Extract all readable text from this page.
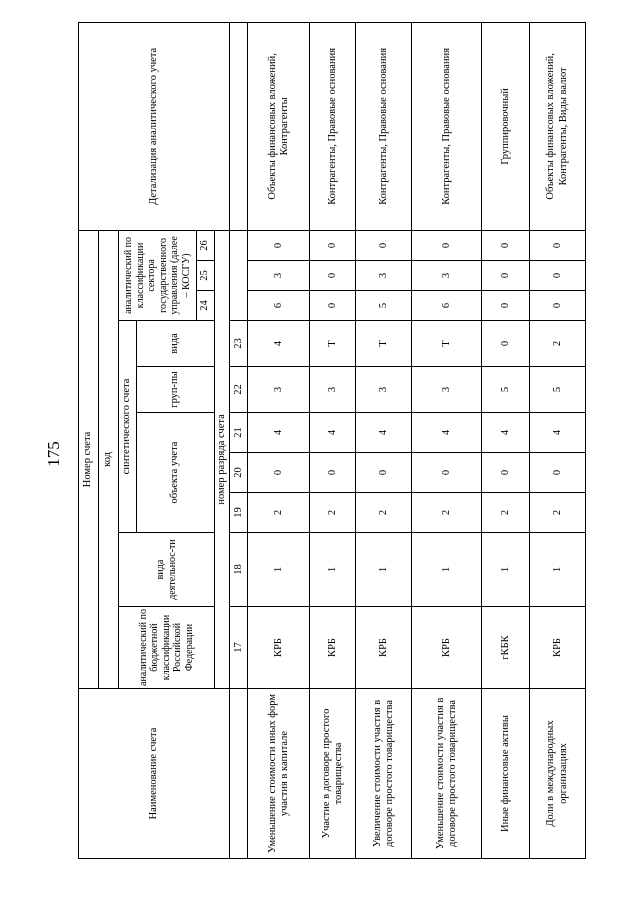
175
Наименование счета	Номер счета										Детализация аналитического учета
	код										
	аналитический по бюджетной классификации Российской Федерации	вида деятельнос-ти	синтетического счета					аналитический по классификации сектора государственного управления (далее – КОСГУ)			
			объекта учета			груп-пы	вида				
								24	25	26	
	номер разряда счета										
	17	18	19	20	21	22	23				
Уменьшение стоимости иных форм участия в капитале	КРБ	1	2	0	4	3	4	6	3	0	Объекты финансовых вложений, Контрагенты
Участие в договоре простого товарищества	КРБ	1	2	0	4	3	Т	0	0	0	Контрагенты, Правовые основания
Увеличение стоимости участия в договоре простого товарищества	КРБ	1	2	0	4	3	Т	5	3	0	Контрагенты, Правовые основания
Уменьшение стоимости участия в договоре простого товарищества	КРБ	1	2	0	4	3	Т	6	3	0	Контрагенты, Правовые основания
Иные финансовые активы	гКБК	1	2	0	4	5	0	0	0	0	Группировочный
Доли в международных организациях	КРБ	1	2	0	4	5	2	0	0	0	Объекты финансовых вложений, Контрагенты, Виды валют
